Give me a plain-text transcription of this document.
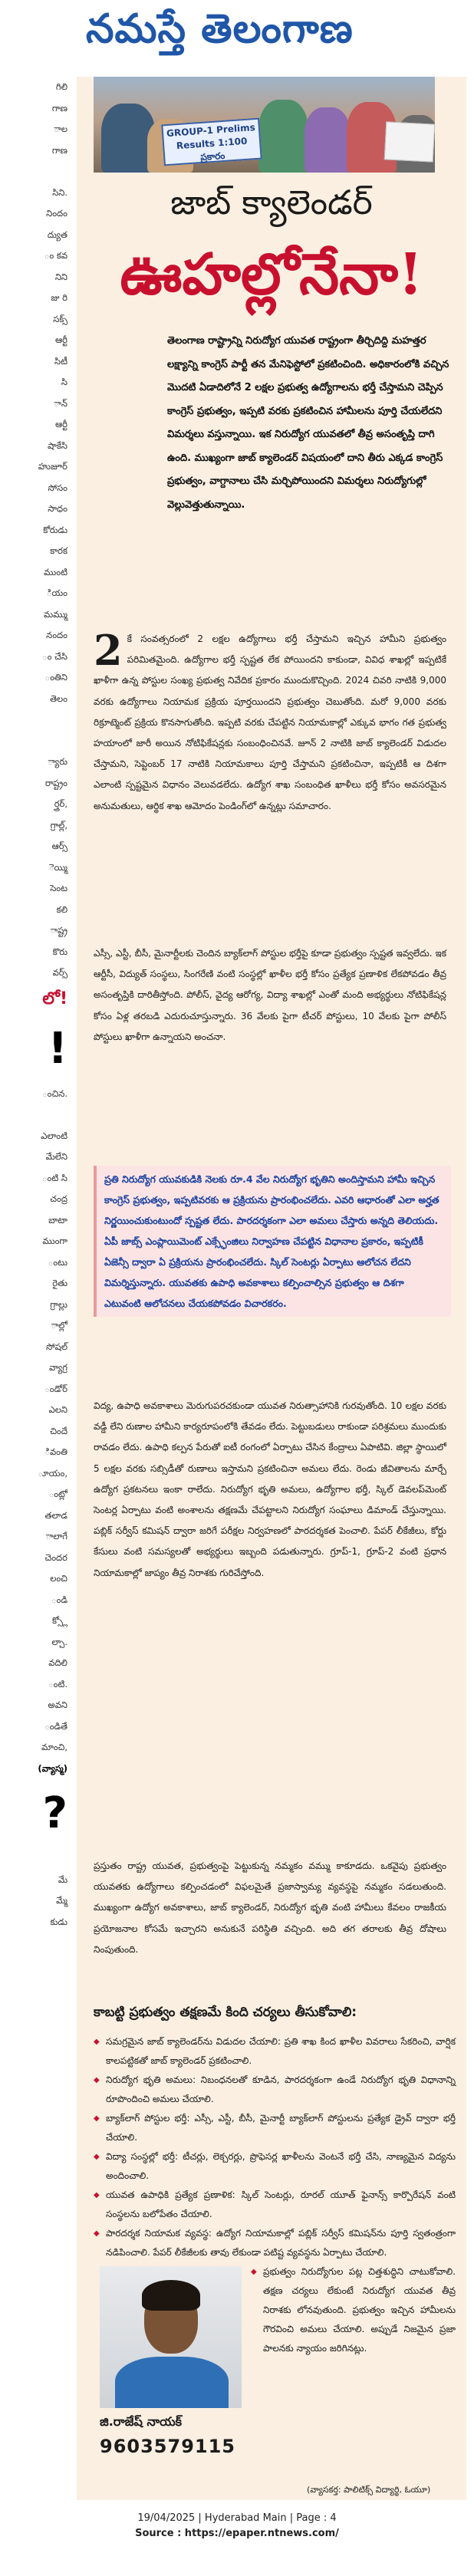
నమస్తే తెలంగాణ
గిలి
గాణ
ాల
గాణ

సిని.
నిందం
ద్యుత
ం కవ
నిని
జు రి
సక్స్
ఆర్టీ
సిటీ
సి
ాన్
ఆర్టీ
షాకేసి
హుజూర్
సోసం
సాధం
కోరుడు
కారక
ముంటి
ియం
మమ్ము
నందం
ం చేసి
ంతిని
తెలం

్యారు
రాష్ట్రం
ర్త్రర్,
గ్రాల్ల్,
ఆర్స్
ెయ్మి
సెంట
కలి
ాష్ట్ర
కొరు
వర్స్
లో!
!
ంచిన.

ఎలాంటి
మేలేని
ంటి సి
చంద్ర
బాటా
ముంగా
ంటు
రైతు
గ్రాల్లు
ాల్లో
సోషల్
వ్యాగ్ర
ండోర్
ఎలని
చిందే
ివంతి
ూయం,
ంట్లో
తలాడ
ాలాగే
చెందర
లంచి
ండి
క్స్లో
ల్చా.
వదిలి
ంటి.
అవని
ండితే
మాంచి,
(వ్యాస్మ)
?

మే
మ్మే
కుడు
GROUP-1 Prelims Results 1:100 ప్రకారం
జాబ్ క్యాలెండర్
ఊహల్లోనేనా!

తెలంగాణ రాష్ట్రాన్ని నిరుద్యోగ యువత రాష్ట్రంగా తీర్చిదిద్ది మహత్తర లక్ష్యాన్ని కాంగ్రెస్ పార్టీ తన మేనిఫెస్టోలో ప్రకటించింది. అధికారంలోకి వచ్చిన మొదటి ఏడాదిలోనే 2 లక్షల ప్రభుత్వ ఉద్యోగాలను భర్తీ చేస్తామని చెప్పిన కాంగ్రెస్ ప్రభుత్వం, ఇప్పటి వరకు ప్రకటించిన హామీలను పూర్తి చేయలేదని విమర్శలు వస్తున్నాయి. ఇక నిరుద్యోగ యువతలో తీవ్ర అసంతృప్తి దాగి ఉంది. ముఖ్యంగా జాబ్ క్యాలెండర్ విషయంలో దాని తీరు ఎక్కడ కాంగ్రెస్ ప్రభుత్వం, వాగ్దానాలు చేసి మర్చిపోయిందని విమర్శలు నిరుద్యోగుల్లో వెల్లువెత్తుతున్నాయి.

2 కే సంవత్సరంలో 2 లక్షల ఉద్యోగాలు భర్తీ చేస్తామని ఇచ్చిన హామీని ప్రభుత్వం పరిమితమైంది. ఉద్యోగాల భర్తీ స్పష్టత లేక పోయిందని కాకుండా, వివిధ శాఖల్లో ఇప్పటికే ఖాళీగా ఉన్న పోస్టుల సంఖ్య ప్రభుత్వ నివేదిక ప్రకారం ముందుకొచ్చింది. 2024 చివరి నాటికి 9,000 వరకు ఉద్యోగాలు నియామక ప్రక్రియ పూర్తయిందని ప్రభుత్వం చెబుతోంది. మరో 9,000 వరకు రిక్రూట్మెంట్ ప్రక్రియ కొనసాగుతోంది. ఇప్పటి వరకు చేపట్టిన నియామకాల్లో ఎక్కువ భాగం గత ప్రభుత్వ హయాంలో జారీ అయిన నోటిఫికేషన్లకు సంబంధించినవే. జూన్ 2 నాటికి జాబ్ క్యాలెండర్ విడుదల చేస్తామని, సెప్టెంబర్ 17 నాటికి నియామకాలు పూర్తి చేస్తామని ప్రకటించినా, ఇప్పటికీ ఆ దిశగా ఎలాంటి స్పష్టమైన విధానం వెలువడలేదు. ఉద్యోగ శాఖ సంబంధిత ఖాళీలు భర్తీ కోసం అవసరమైన అనుమతులు, ఆర్థిక శాఖ ఆమోదం పెండింగ్‌లో ఉన్నట్లు సమాచారం.

ఎస్సీ, ఎస్టీ, బీసీ, మైనార్టీలకు చెందిన బ్యాక్‌లాగ్ పోస్టుల భర్తీపై కూడా ప్రభుత్వం స్పష్టత ఇవ్వలేదు. ఇక ఆర్టీసీ, విద్యుత్ సంస్థలు, సింగరేణి వంటి సంస్థల్లో ఖాళీల భర్తీ కోసం ప్రత్యేక ప్రణాళిక లేకపోవడం తీవ్ర అసంతృప్తికి దారితీస్తోంది. పోలీస్, వైద్య ఆరోగ్య, విద్యా శాఖల్లో ఎంతో మంది అభ్యర్థులు నోటిఫికేషన్ల కోసం ఏళ్ల తరబడి ఎదురుచూస్తున్నారు. 36 వేలకు పైగా టీచర్ పోస్టులు, 10 వేలకు పైగా పోలీస్ పోస్టులు ఖాళీగా ఉన్నాయని అంచనా.

ప్రతి నిరుద్యోగ యువకుడికి నెలకు రూ.4 వేల నిరుద్యోగ భృతిని అందిస్తామని హామీ ఇచ్చిన కాంగ్రెస్ ప్రభుత్వం, ఇప్పటివరకు ఆ ప్రక్రియను ప్రారంభించలేదు. ఎవరి ఆధారంతో ఎలా అర్హత నిర్ణయించుకుంటుందో స్పష్టత లేదు. పారదర్శకంగా ఎలా అమలు చేస్తారు అన్నది తెలియదు. ఏపీ జాబ్స్ ఎంప్లాయిమెంట్ ఎక్స్ఛేంజిలు నిర్వాహణ చేపట్టిన విధానాల ప్రకారం, ఇప్పటికీ ఏజెన్సీ ద్వారా ఏ ప్రక్రియను ప్రారంభించలేదు. స్కిల్ సెంటర్లు ఏర్పాటు ఆలోచన లేదని విమర్శిస్తున్నారు. యువతకు ఉపాధి అవకాశాలు కల్పించాల్సిన ప్రభుత్వం ఆ దిశగా ఎటువంటి ఆలోచనలు చేయకపోవడం విచారకరం.

విద్య, ఉపాధి అవకాశాలు మెరుగుపరచకుండా యువత నిరుత్సాహానికి గురవుతోంది. 10 లక్షల వరకు వడ్డీ లేని రుణాల హామీని కార్యరూపంలోకి తేవడం లేదు. పెట్టుబడులు రాకుండా పరిశ్రమలు ముందుకు రావడం లేదు. ఉపాధి కల్పన పేరుతో ఐటీ రంగంలో ఏర్పాటు చేసిన కేంద్రాలు ఏపాటివి. జిల్లా స్థాయిలో 5 లక్షల వరకు సబ్సిడీతో రుణాలు ఇస్తామని ప్రకటించినా అమలు లేదు. రెండు జీవితాలను మార్చే ఉద్యోగ ప్రకటనలు ఇంకా రాలేదు. నిరుద్యోగ భృతి అమలు, ఉద్యోగాల భర్తీ, స్కిల్ డెవలప్‌మెంట్ సెంటర్ల ఏర్పాటు వంటి అంశాలను తక్షణమే చేపట్టాలని నిరుద్యోగ సంఘాలు డిమాండ్ చేస్తున్నాయి. పబ్లిక్ సర్వీస్ కమిషన్ ద్వారా జరిగే పరీక్షల నిర్వహణలో పారదర్శకత పెంచాలి. పేపర్ లీకేజీలు, కోర్టు కేసులు వంటి సమస్యలతో అభ్యర్థులు ఇబ్బంది పడుతున్నారు. గ్రూప్-1, గ్రూప్-2 వంటి ప్రధాన నియామకాల్లో జాప్యం తీవ్ర నిరాశకు గురిచేస్తోంది.

ప్రస్తుతం రాష్ట్ర యువత, ప్రభుత్వంపై పెట్టుకున్న నమ్మకం వమ్ము కాకూడదు. ఒకవైపు ప్రభుత్వం యువతకు ఉద్యోగాలు కల్పించడంలో విఫలమైతే ప్రజాస్వామ్య వ్యవస్థపై నమ్మకం సడలుతుంది. ముఖ్యంగా ఉద్యోగ అవకాశాలు, జాబ్ క్యాలెండర్, నిరుద్యోగ భృతి వంటి హామీలు కేవలం రాజకీయ ప్రయోజనాల కోసమే ఇచ్చారని అనుకునే పరిస్థితి వచ్చింది. అది తగ తరాలకు తీవ్ర దోషాలు నింపుతుంది.

కాబట్టి ప్రభుత్వం తక్షణమే కింది చర్యలు తీసుకోవాలి:
◆ సమగ్రమైన జాబ్ క్యాలెండర్‌ను విడుదల చేయాలి: ప్రతి శాఖ కింద ఖాళీల వివరాలు సేకరించి, వార్షిక కాలపట్టికతో జాబ్ క్యాలెండర్ ప్రకటించాలి.
◆ నిరుద్యోగ భృతి అమలు: నిబంధనలతో కూడిన, పారదర్శకంగా ఉండే నిరుద్యోగ భృతి విధానాన్ని రూపొందించి అమలు చేయాలి.
◆ బ్యాక్‌లాగ్ పోస్టుల భర్తీ: ఎస్సీ, ఎస్టీ, బీసీ, మైనార్టీ బ్యాక్‌లాగ్ పోస్టులను ప్రత్యేక డ్రైవ్ ద్వారా భర్తీ చేయాలి.
◆ విద్యా సంస్థల్లో భర్తీ: టీచర్లు, లెక్చరర్లు, ప్రొఫెసర్ల ఖాళీలను వెంటనే భర్తీ చేసి, నాణ్యమైన విద్యను అందించాలి.
◆ యువత ఉపాధికి ప్రత్యేక ప్రణాళిక: స్కిల్ సెంటర్లు, రూరల్ యూత్ ఫైనాన్స్ కార్పొరేషన్ వంటి సంస్థలను బలోపేతం చేయాలి.
◆ పారదర్శక నియామక వ్యవస్థ: ఉద్యోగ నియామకాల్లో పబ్లిక్ సర్వీస్ కమిషన్‌ను పూర్తి స్వతంత్రంగా నడిపించాలి. పేపర్ లీకేజీలకు తావు లేకుండా పటిష్ట వ్యవస్థను ఏర్పాటు చేయాలి.
◆ ప్రభుత్వం నిరుద్యోగుల పట్ల చిత్తశుద్ధిని చాటుకోవాలి. తక్షణ చర్యలు లేకుంటే నిరుద్యోగ యువత తీవ్ర నిరాశకు లోనవుతుంది. ప్రభుత్వం ఇచ్చిన హామీలను గౌరవించి అమలు చేయాలి. అప్పుడే నిజమైన ప్రజా పాలనకు న్యాయం జరిగినట్లు.
జి.రాజేష్ నాయక్
9603579115
(వ్యాసకర్త: పాలిటిక్స్ విద్యార్థి, ఓయూ)
19/04/2025 | Hyderabad Main | Page : 4
Source : https://epaper.ntnews.com/
